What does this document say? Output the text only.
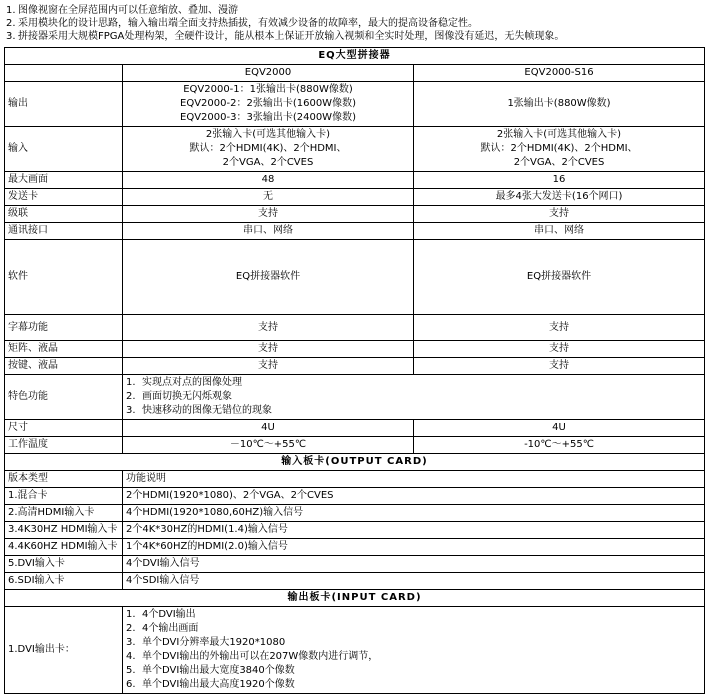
1. 图像视窗在全屏范围内可以任意缩放、叠加、漫游
2. 采用模块化的设计思路，输入输出端全面支持热插拔，有效减少设备的故障率，最大的提高设备稳定性。
3. 拼接器采用大规模FPGA处理构架，全硬件设计，能从根本上保证开放输入视频和全实时处理，图像没有延迟，无失帧现象。
EQ大型拼接器		
	EQV2000	EQV2000-S16
输出	EQV2000-1：1张输出卡(880W像数)
EQV2000-2：2张输出卡(1600W像数)
EQV2000-3：3张输出卡(2400W像数)	1张输出卡(880W像数)

输入	2张输入卡(可选其他输入卡)
默认：2个HDMI(4K)、2个HDMI、
2个VGA、2个CVES	2张输入卡(可选其他输入卡)
默认：2个HDMI(4K)、2个HDMI、
2个VGA、2个CVES

最大画面	48	16
发送卡	无	最多4张大发送卡(16个网口)
级联	支持	支持
通讯接口	串口、网络	串口、网络
软件	EQ拼接器软件	EQ拼接器软件
字幕功能	支持	支持
矩阵、液晶	支持	支持
按键、液晶	支持	支持
特色功能	1. 实现点对点的图像处理
2. 画面切换无闪烁观象
3. 快速移动的图像无错位的现象	

尺寸	4U	4U
工作温度	－10℃～+55℃	-10℃～+55℃
输入板卡(OUTPUT CARD)		
版本类型	功能说明	
1.混合卡	2个HDMI(1920*1080)、2个VGA、2个CVES	
2.高清HDMI输入卡	4个HDMI(1920*1080,60HZ)输入信号	
3.4K30HZ HDMI输入卡	2个4K*30HZ的HDMI(1.4)输入信号	
4.4K60HZ HDMI输入卡	1个4K*60HZ的HDMI(2.0)输入信号	
5.DVI输入卡	4个DVI输入信号	
6.SDI输入卡	4个SDI输入信号	
输出板卡(INPUT CARD)		
1.DVI输出卡：	
1. 4个DVI输出
2. 4个输出画面
3. 单个DVI分辨率最大1920*1080
4. 单个DVI输出的外输出可以在207W像数内进行调节，
5. 单个DVI输出最大宽度3840个像数
6. 单个DVI输出最大高度1920个像数
